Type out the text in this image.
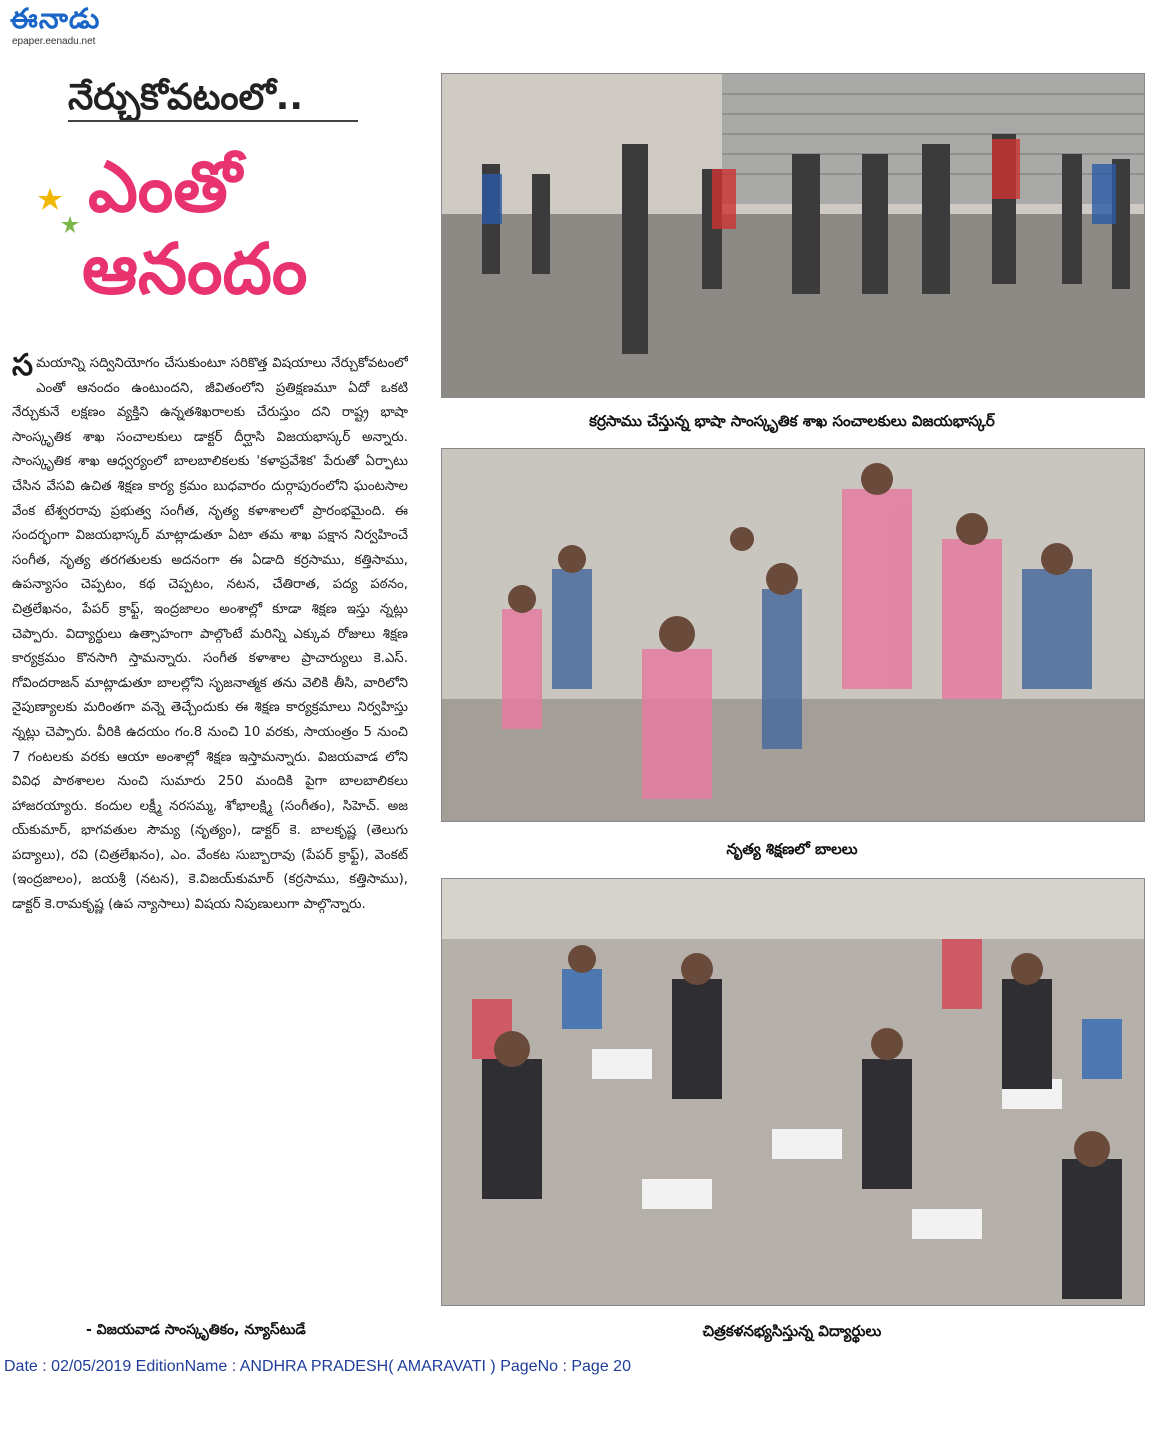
ఈనాడు
epaper.eenadu.net
నేర్చుకోవటంలో..
ఎంతో
ఆనందం
సమయాన్ని సద్వినియోగం చేసుకుంటూ సరికొత్త విషయాలు నేర్చుకోవటంలో ఎంతో ఆనందం ఉంటుందని, జీవితంలోని ప్రతిక్షణమూ ఏదో ఒకటి నేర్చుకునే లక్షణం వ్యక్తిని ఉన్నతశిఖరాలకు చేరుస్తుం దని రాష్ట్ర భాషా సాంస్కృతిక శాఖ సంచాలకులు డాక్టర్ దీర్ఘాసి విజయభాస్కర్ అన్నారు. సాంస్కృతిక శాఖ ఆధ్వర్యంలో బాలబాలికలకు 'కళాప్రవేశిక' పేరుతో ఏర్పాటు చేసిన వేసవి ఉచిత శిక్షణ కార్య క్రమం బుధవారం దుర్గాపురంలోని ఘంటసాల వేంక టేశ్వరరావు ప్రభుత్వ సంగీత, నృత్య కళాశాలలో ప్రారంభమైంది. ఈ సందర్భంగా విజయభాస్కర్ మాట్లాడుతూ ఏటా తమ శాఖ పక్షాన నిర్వహించే సంగీత, నృత్య తరగతులకు అదనంగా ఈ ఏడాది కర్రసాము, కత్తిసాము, ఉపన్యాసం చెప్పటం, కథ చెప్పటం, నటన, చేతిరాత, పద్య పఠనం, చిత్రలేఖనం, పేపర్ క్రాఫ్ట్, ఇంద్రజాలం అంశాల్లో కూడా శిక్షణ ఇస్తు న్నట్లు చెప్పారు. విద్యార్థులు ఉత్సాహంగా పాల్గొంటే మరిన్ని ఎక్కువ రోజులు శిక్షణ కార్యక్రమం కొనసాగి స్తామన్నారు. సంగీత కళాశాల ప్రాచార్యులు కె.ఎస్. గోవిందరాజన్ మాట్లాడుతూ బాలల్లోని సృజనాత్మక తను వెలికి తీసి, వారిలోని నైపుణ్యాలకు మరింతగా వన్నె తెచ్చేందుకు ఈ శిక్షణ కార్యక్రమాలు నిర్వహిస్తు న్నట్లు చెప్పారు. వీరికి ఉదయం గం.8 నుంచి 10 వరకు, సాయంత్రం 5 నుంచి 7 గంటలకు వరకు ఆయా అంశాల్లో శిక్షణ ఇస్తామన్నారు. విజయవాడ లోని వివిధ పాఠశాలల నుంచి సుమారు 250 మందికి పైగా బాలబాలికలు హాజరయ్యారు. కందుల లక్ష్మీ నరసమ్మ, శోభాలక్ష్మి (సంగీతం), సిహెచ్. అజ య్‌కుమార్, భాగవతుల సౌమ్య (నృత్యం), డాక్టర్ కె. బాలకృష్ణ (తెలుగు పద్యాలు), రవి (చిత్రలేఖనం), ఎం. వేంకట సుబ్బారావు (పేపర్ క్రాఫ్ట్), వెంకట్ (ఇంద్రజాలం), జయశ్రీ (నటన), కె.విజయ్‌కుమార్ (కర్రసాము, కత్తిసాము), డాక్టర్ కె.రామకృష్ణ (ఉప న్యాసాలు) విషయ నిపుణులుగా పాల్గొన్నారు.
- విజయవాడ సాంస్కృతికం, న్యూస్‌టుడే
కర్రసాము చేస్తున్న భాషా సాంస్కృతిక శాఖ సంచాలకులు విజయభాస్కర్
నృత్య శిక్షణలో బాలలు
చిత్రకళనభ్యసిస్తున్న విద్యార్థులు
Date : 02/05/2019 EditionName : ANDHRA PRADESH( AMARAVATI ) PageNo : Page 20
